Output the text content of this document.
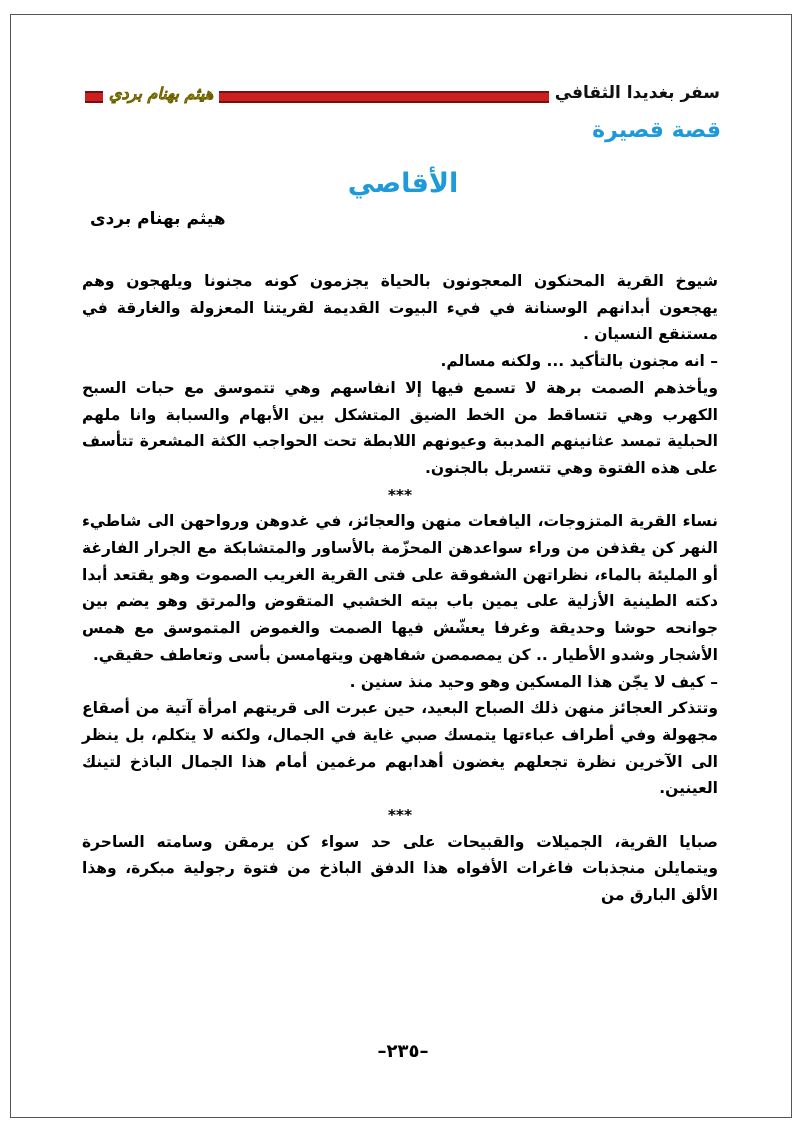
هيثم بهنام بردي	سفر بغديدا الثقافي
قصة قصيرة
الأقاصي
هيثم بهنام بردى

شيوخ القرية المحنكون المعجونون بالحياة يجزمون كونه مجنونا ويلهجون وهم يهجعون أبدانهم الوسنانة في فيء البيوت القديمة لقريتنا المعزولة والغارقة في مستنقع النسيان .

– انه مجنون بالتأكيد ... ولكنه مسالم.

ويأخذهم الصمت برهة لا تسمع فيها إلا انفاسهم وهي تتموسق مع حبات السبح الكهرب وهي تتساقط من الخط الضيق المتشكل بين الأبهام والسبابة وانا ملهم الحبلية تمسد عثانينهم المدببة وعيونهم اللابطة تحت الحواجب الكثة المشعرة تتأسف على هذه الفتوة وهي تتسربل بالجنون.

***

نساء القرية المتزوجات، اليافعات منهن والعجائز، في غدوهن ورواحهن الى شاطيء النهر كن يقذفن من وراء سواعدهن المحزّمة بالأساور والمتشابكة مع الجرار الفارغة أو المليئة بالماء، نظراتهن الشفوقة على فتى القرية الغريب الصموت وهو يقتعد أبدا دكته الطينية الأزلية على يمين باب بيته الخشبي المتقوض والمرتق وهو يضم بين جوانحه حوشا وحديقة وغرفا يعشّش فيها الصمت والغموض المتموسق مع همس الأشجار وشدو الأطيار .. كن يمصمصن شفاههن ويتهامسن بأسى وتعاطف حقيقي.

– كيف لا يجّن هذا المسكين وهو وحيد منذ سنين .

وتتذكر العجائز منهن ذلك الصباح البعيد، حين عبرت الى قريتهم امرأة آتية من أصقاع مجهولة وفي أطراف عباءتها يتمسك صبي غاية في الجمال، ولكنه لا يتكلم، بل ينظر الى الآخرين نظرة تجعلهم يغضون أهدابهم مرغمين أمام هذا الجمال الباذخ لتينك العينين.

***

صبايا القرية، الجميلات والقبيحات على حد سواء كن يرمقن وسامته الساحرة ويتمايلن منجذبات فاغرات الأفواه هذا الدفق الباذخ من فتوة رجولية مبكرة، وهذا الألق البارق من

–٢٣٥–
